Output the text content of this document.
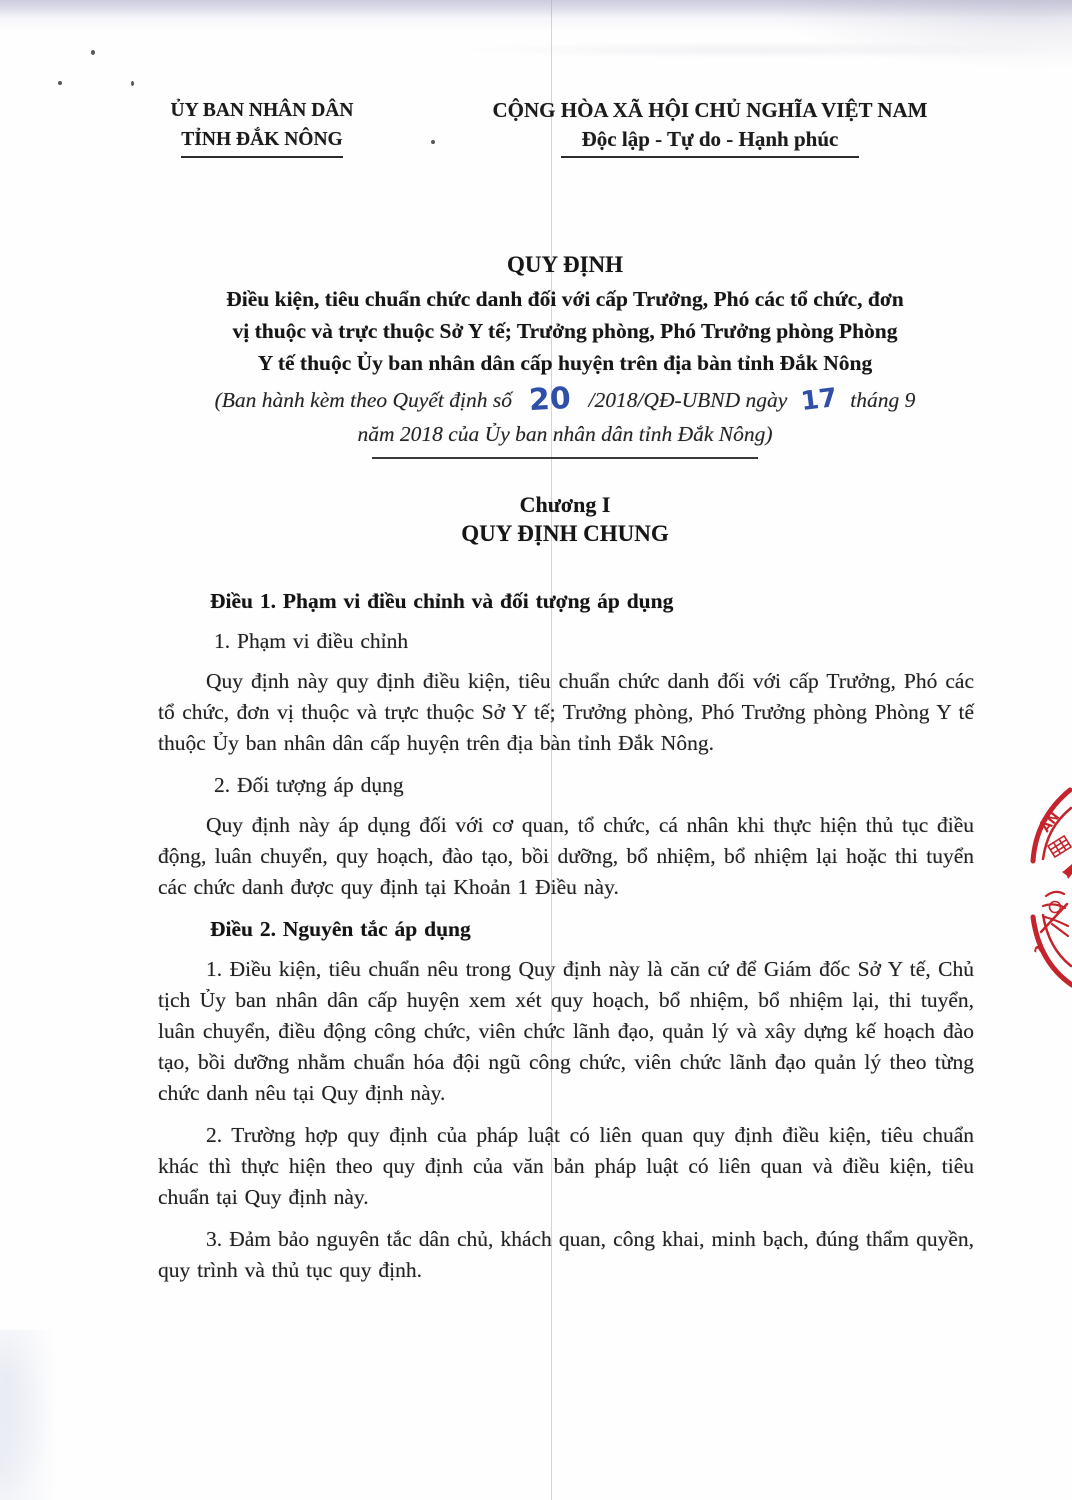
ỦY BAN NHÂN DÂN
TỈNH ĐẮK NÔNG
CỘNG HÒA XÃ HỘI CHỦ NGHĨA VIỆT NAM
Độc lập - Tự do - Hạnh phúc
QUY ĐỊNH
Điều kiện, tiêu chuẩn chức danh đối với cấp Trưởng, Phó các tổ chức, đơn
vị thuộc và trực thuộc Sở Y tế; Trưởng phòng, Phó Trưởng phòng Phòng
Y tế thuộc Ủy ban nhân dân cấp huyện trên địa bàn tỉnh Đắk Nông
(Ban hành kèm theo Quyết định số 20 /2018/QĐ-UBND ngày 17 tháng 9
năm 2018 của Ủy ban nhân dân tỉnh Đắk Nông)
Chương I
QUY ĐỊNH CHUNG
Điều 1. Phạm vi điều chỉnh và đối tượng áp dụng
1. Phạm vi điều chỉnh

Quy định này quy định điều kiện, tiêu chuẩn chức danh đối với cấp Trưởng, Phó các tổ chức, đơn vị thuộc và trực thuộc Sở Y tế; Trưởng phòng, Phó Trưởng phòng Phòng Y tế thuộc Ủy ban nhân dân cấp huyện trên địa bàn tỉnh Đắk Nông.

2. Đối tượng áp dụng

Quy định này áp dụng đối với cơ quan, tổ chức, cá nhân khi thực hiện thủ tục điều động, luân chuyển, quy hoạch, đào tạo, bồi dưỡng, bổ nhiệm, bổ nhiệm lại hoặc thi tuyển các chức danh được quy định tại Khoản 1 Điều này.

Điều 2. Nguyên tắc áp dụng

1. Điều kiện, tiêu chuẩn nêu trong Quy định này là căn cứ để Giám đốc Sở Y tế, Chủ tịch Ủy ban nhân dân cấp huyện xem xét quy hoạch, bổ nhiệm, bổ nhiệm lại, thi tuyển, luân chuyển, điều động công chức, viên chức lãnh đạo, quản lý và xây dựng kế hoạch đào tạo, bồi dưỡng nhằm chuẩn hóa đội ngũ công chức, viên chức lãnh đạo quản lý theo từng chức danh nêu tại Quy định này.

2. Trường hợp quy định của pháp luật có liên quan quy định điều kiện, tiêu chuẩn khác thì thực hiện theo quy định của văn bản pháp luật có liên quan và điều kiện, tiêu chuẩn tại Quy định này.

3. Đảm bảo nguyên tắc dân chủ, khách quan, công khai, minh bạch, đúng thẩm quyền, quy trình và thủ tục quy định.

ÂN
?
